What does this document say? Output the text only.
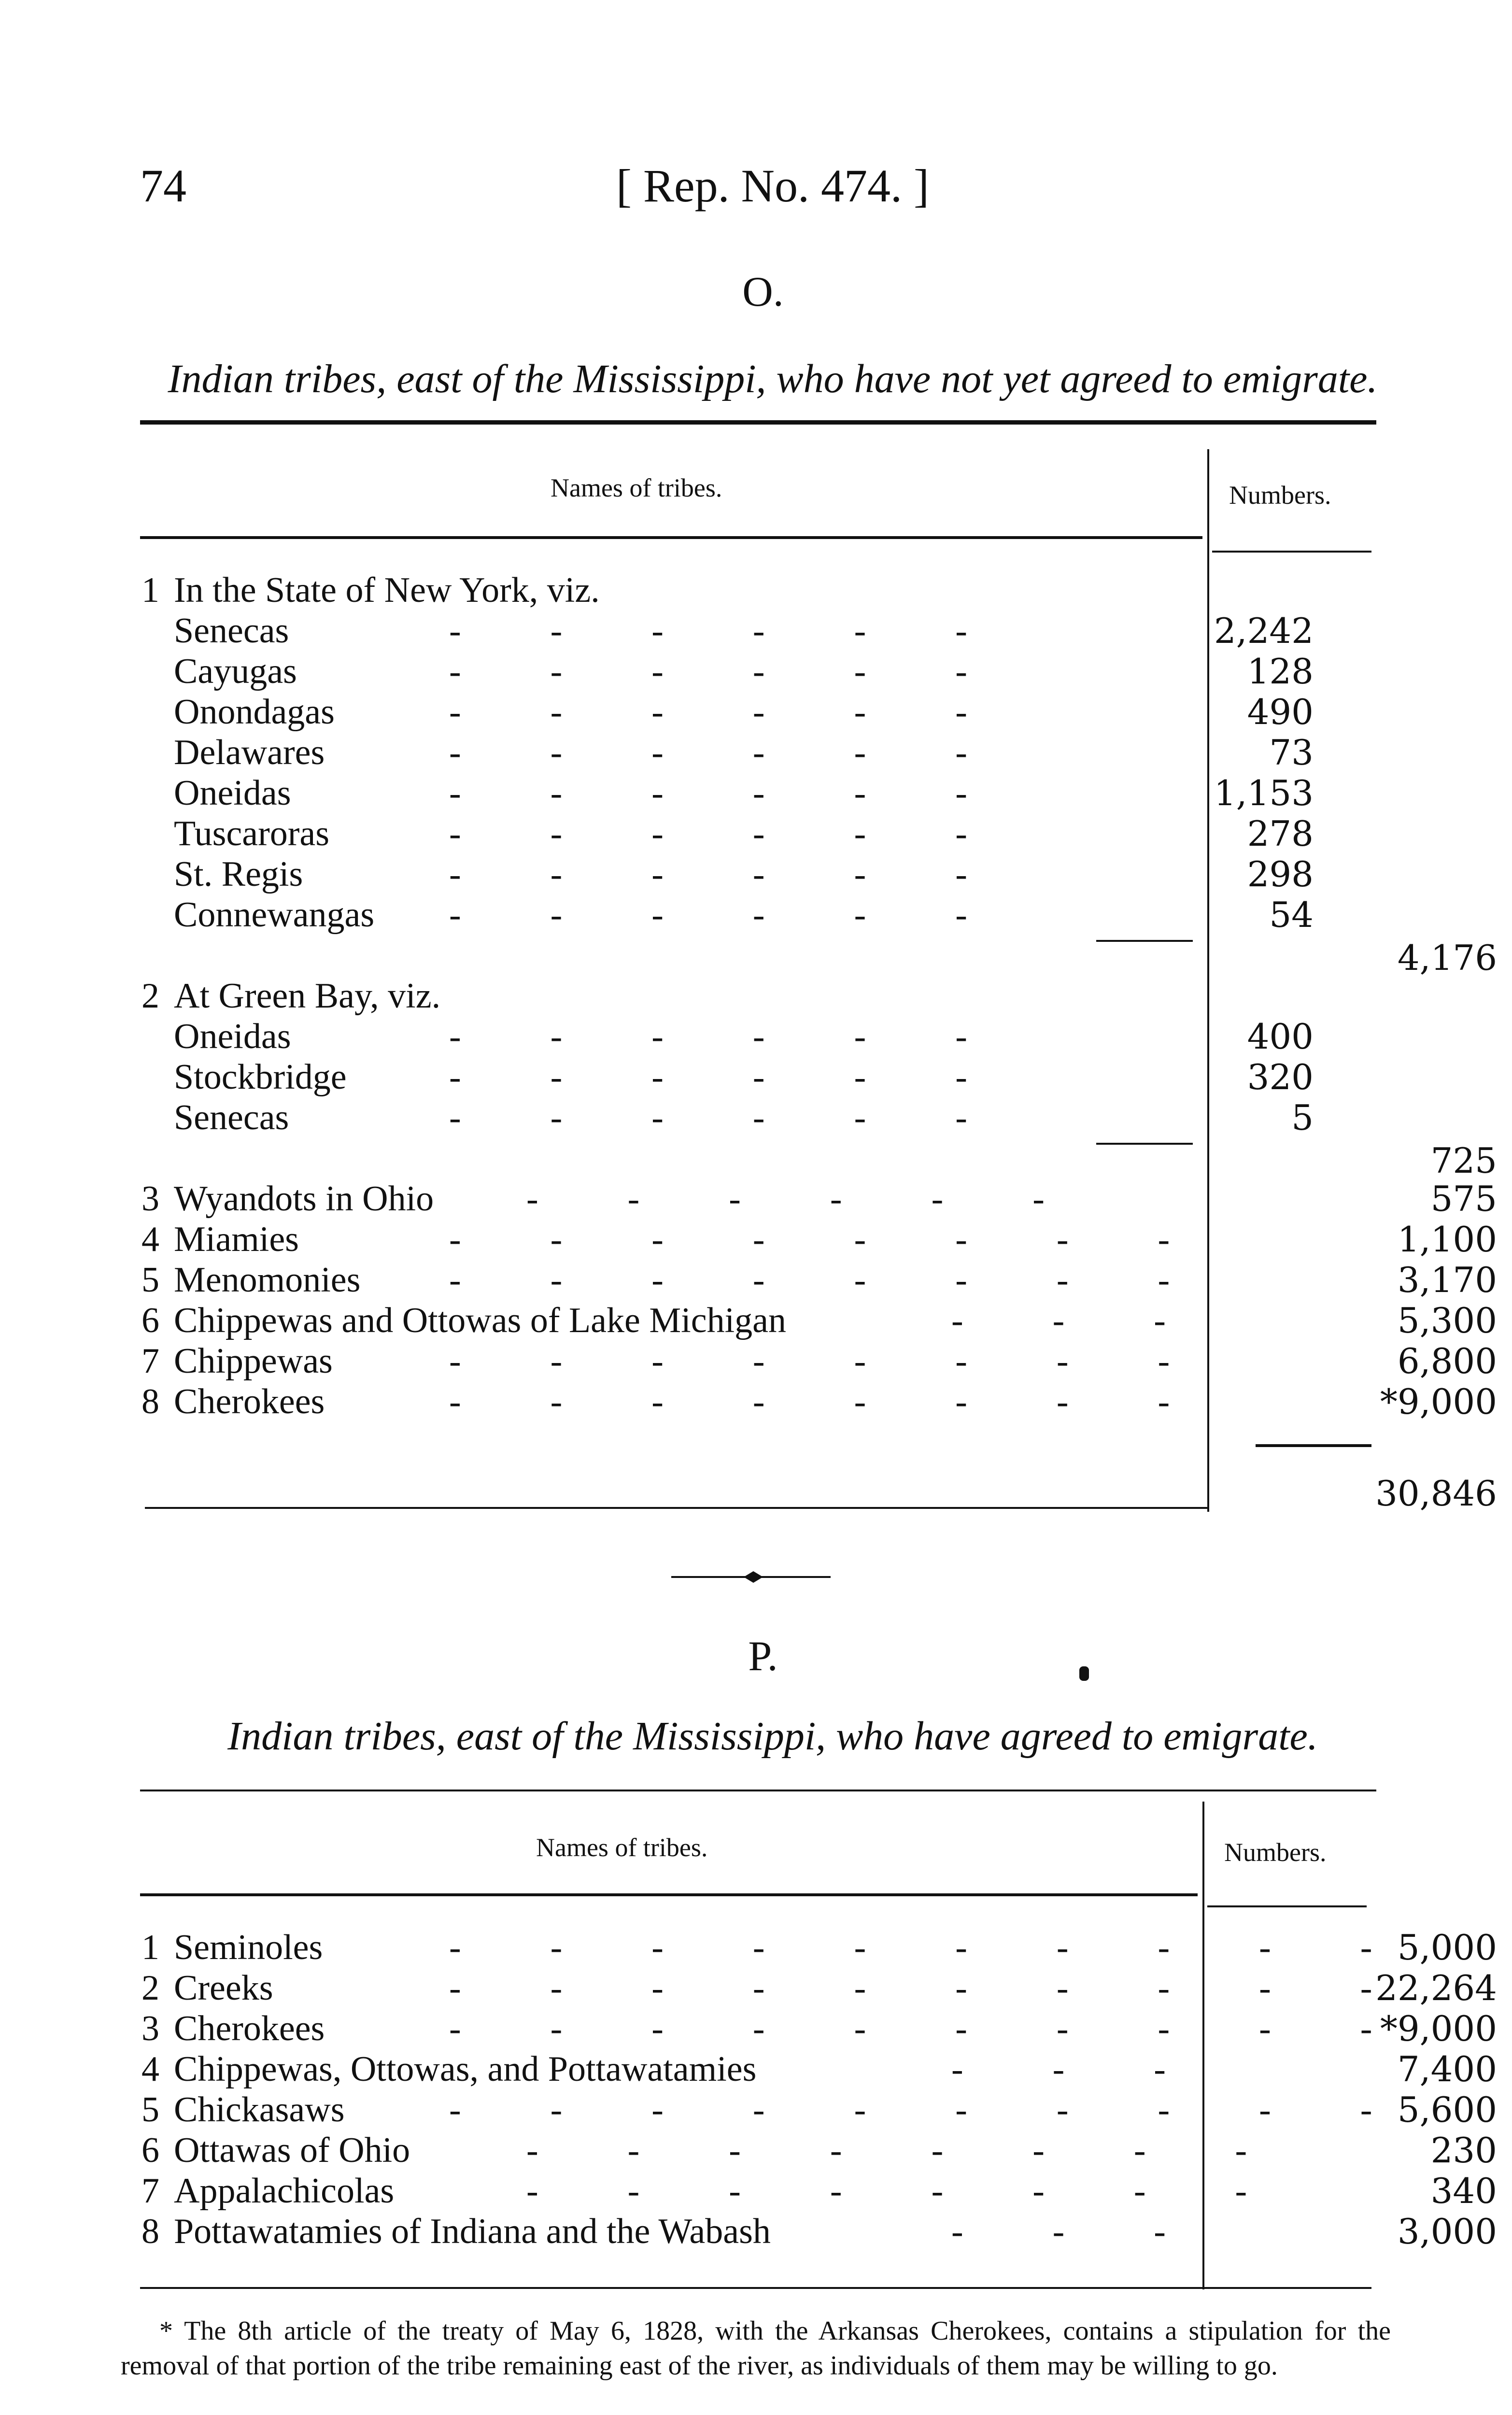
74	[ Rep. No. 474. ]
O.
Indian tribes, east of the Mississippi, who have not yet agreed to emigrate.
Names of tribes.	Numbers.
1 In the State of New York, viz.
Senecas	-          -          -          -          -          -	2,242
Cayugas	-          -          -          -          -          -	128
Onondagas	-          -          -          -          -          -	490
Delawares	-          -          -          -          -          -	73
Oneidas	-          -          -          -          -          -	1,153
Tuscaroras	-          -          -          -          -          -	278
St. Regis	-          -          -          -          -          -	298
Connewangas -          -          -          -          -          -	54
4,176
2 At Green Bay, viz.
Oneidas	-          -          -          -          -          -	400
Stockbridge	-          -          -          -          -          -	320
Senecas	-          -          -          -          -          -	5
725
3 Wyandots in Ohio	-          -          -          -          -          -	575
4 Miamies	-          -          -          -          -          -          -          -	1,100
5 Menomonies -          -          -          -          -          -          -          -	3,170
6 Chippewas and Ottowas of Lake Michigan	-          -          -	5,300
7 Chippewas	-          -          -          -          -          -          -          -	6,800
8 Cherokees	-          -          -          -          -          -          -          -	*9,000
30,846
P.
Indian tribes, east of the Mississippi, who have agreed to emigrate.
Names of tribes.	Numbers.
1 Seminoles	-          -          -          -          -          -          -          -          -          - 5,000
2 Creeks	-          -          -          -          -          -          -          -          -          - 22,264
3 Cherokees	-          -          -          -          -          -          -          -          -          - *9,000
4 Chippewas, Ottowas, and Pottawatamies	-          -          -	7,400
5 Chickasaws	-          -          -          -          -          -          -          -          -          - 5,600
6 Ottawas of Ohio	-          -          -          -          -          -          -          -	230
7 Appalachicolas	-          -          -          -          -          -          -          -	340
8 Pottawatamies of Indiana and the Wabash	-          -          -	3,000
* The 8th article of the treaty of May 6, 1828, with the Arkansas Cherokees, contains a stipulation for the removal of that portion of the tribe remaining east of the river, as individuals of them may be willing to go.
